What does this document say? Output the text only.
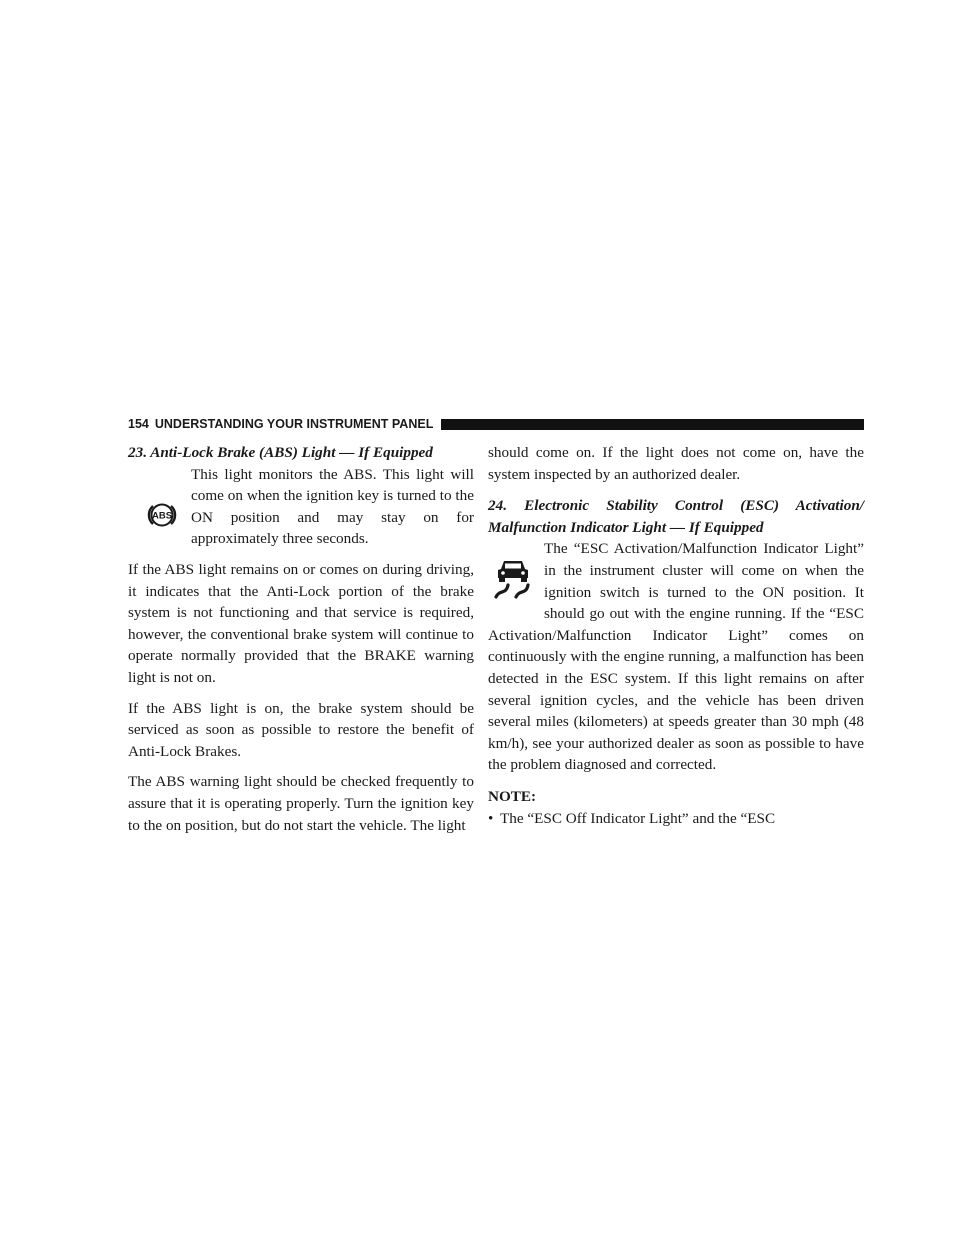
154 UNDERSTANDING YOUR INSTRUMENT PANEL

23. Anti-Lock Brake (ABS) Light — If Equipped

ABS

This light monitors the ABS. This light will come on when the ignition key is turned to the ON position and may stay on for approximately three seconds.

If the ABS light remains on or comes on during driving, it indicates that the Anti-Lock portion of the brake system is not functioning and that service is required, however, the conventional brake system will continue to operate normally provided that the BRAKE warning light is not on.

If the ABS light is on, the brake system should be serviced as soon as possible to restore the benefit of Anti-Lock Brakes.

The ABS warning light should be checked frequently to assure that it is operating properly. Turn the ignition key to the on position, but do not start the vehicle. The light

should come on. If the light does not come on, have the system inspected by an authorized dealer.

24. Electronic Stability Control (ESC) Activation/ Malfunction Indicator Light — If Equipped

The “ESC Activation/Malfunction Indicator Light” in the instrument cluster will come on when the ignition switch is turned to the ON position. It should go out with the engine running. If the “ESC Activation/Malfunction Indicator Light” comes on continuously with the engine running, a malfunction has been detected in the ESC system. If this light remains on after several ignition cycles, and the vehicle has been driven several miles (kilometers) at speeds greater than 30 mph (48 km/h), see your authorized dealer as soon as possible to have the problem diagnosed and corrected.

NOTE:

• The “ESC Off Indicator Light” and the “ESC
